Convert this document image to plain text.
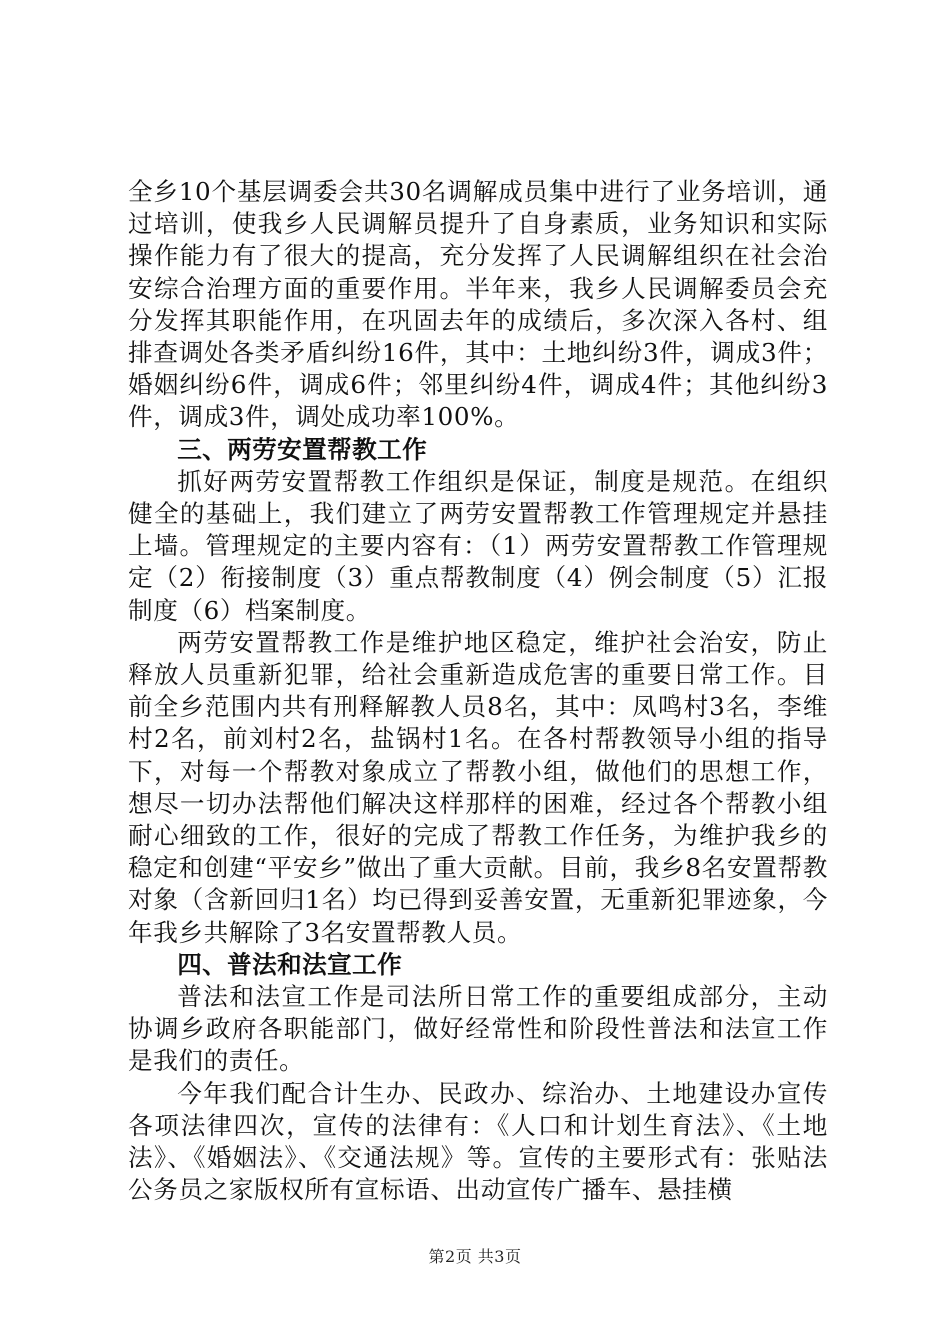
全乡10个基层调委会共30名调解成员集中进行了业务培训，通过培训，使我乡人民调解员提升了自身素质，业务知识和实际操作能力有了很大的提高，充分发挥了人民调解组织在社会治安综合治理方面的重要作用。半年来，我乡人民调解委员会充分发挥其职能作用，在巩固去年的成绩后，多次深入各村、组排查调处各类矛盾纠纷16件，其中：土地纠纷3件，调成3件；婚姻纠纷6件，调成6件；邻里纠纷4件，调成4件；其他纠纷3件，调成3件，调处成功率100%。

三、两劳安置帮教工作

抓好两劳安置帮教工作组织是保证，制度是规范。在组织健全的基础上，我们建立了两劳安置帮教工作管理规定并悬挂上墙。管理规定的主要内容有：（1）两劳安置帮教工作管理规定（2）衔接制度（3）重点帮教制度（4）例会制度（5）汇报制度（6）档案制度。

两劳安置帮教工作是维护地区稳定，维护社会治安，防止释放人员重新犯罪，给社会重新造成危害的重要日常工作。目前全乡范围内共有刑释解教人员8名，其中：凤鸣村3名，李维村2名，前刘村2名，盐锅村1名。在各村帮教领导小组的指导下，对每一个帮教对象成立了帮教小组，做他们的思想工作，想尽一切办法帮他们解决这样那样的困难，经过各个帮教小组耐心细致的工作，很好的完成了帮教工作任务，为维护我乡的稳定和创建“平安乡”做出了重大贡献。目前，我乡8名安置帮教对象（含新回归1名）均已得到妥善安置，无重新犯罪迹象，今年我乡共解除了3名安置帮教人员。

四、普法和法宣工作

普法和法宣工作是司法所日常工作的重要组成部分，主动协调乡政府各职能部门，做好经常性和阶段性普法和法宣工作是我们的责任。

今年我们配合计生办、民政办、综治办、土地建设办宣传各项法律四次，宣传的法律有：《人口和计划生育法》、《土地法》、《婚姻法》、《交通法规》等。宣传的主要形式有：张贴法公务员之家版权所有宣标语、出动宣传广播车、悬挂横

第2页 共3页
